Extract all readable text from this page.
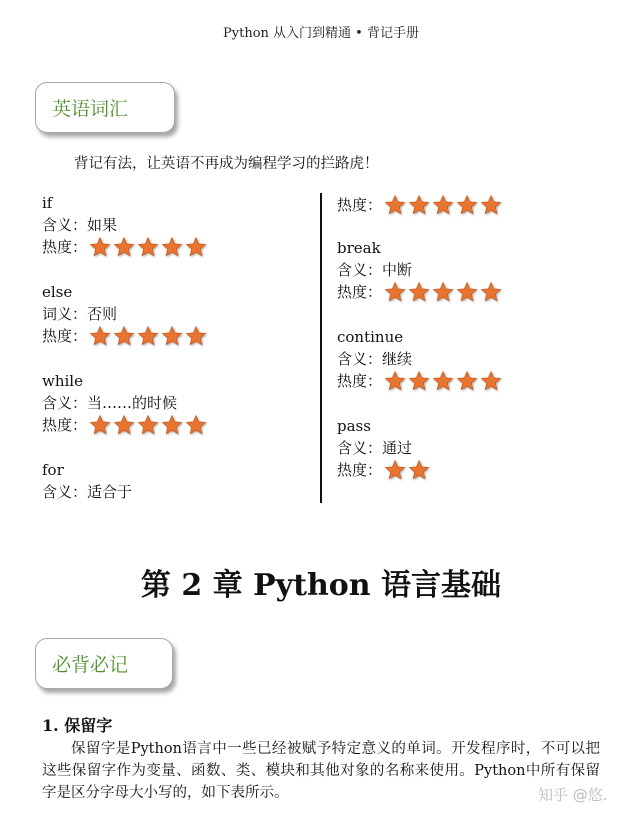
Python 从入门到精通 • 背记手册
英语词汇
背记有法，让英语不再成为编程学习的拦路虎！
if
含义： 如果
热度：
else
词义： 否则
热度：
while
含义： 当……的时候
热度：
for
含义： 适合于
热度：
break
含义： 中断
热度：
continue
含义： 继续
热度：
pass
含义： 通过
热度：
第 2 章 Python 语言基础
必背必记
1. 保留字

保留字是Python语言中一些已经被赋予特定意义的单词。开发程序时，不可以把这些保留字作为变量、函数、类、模块和其他对象的名称来使用。Python中所有保留字是区分字母大小写的，如下表所示。	知乎 @悠.
